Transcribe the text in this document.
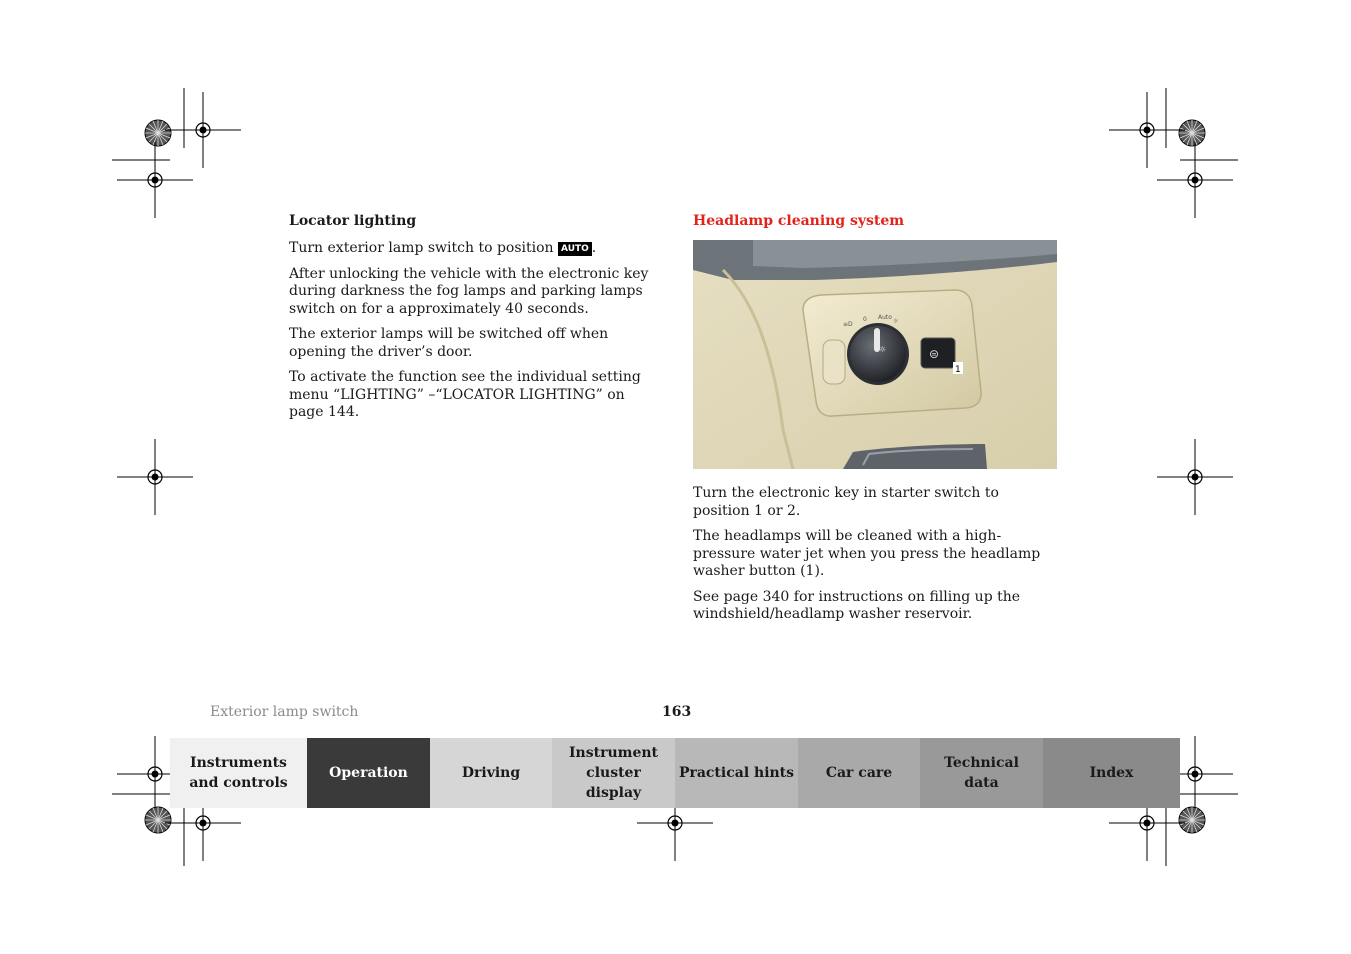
Locator lighting

Turn exterior lamp switch to position AUTO .

After unlocking the vehicle with the electronic key during darkness the fog lamps and parking lamps switch on for a approximately 40 seconds.

The exterior lamps will be switched off when opening the driver’s door.

To activate the function see the individual setting menu “LIGHTING” –“LOCATOR LIGHTING” on page 144.

Headlamp cleaning system
≡D
0 Auto
☼
☼	⊜
1

Turn the electronic key in starter switch to position 1 or 2.

The headlamps will be cleaned with a high-pressure water jet when you press the headlamp washer button (1).

See page 340 for instructions on filling up the windshield/headlamp washer reservoir.

Exterior lamp switch	163
Instruments and controls
Operation	Driving
Instrument cluster display
Practical hints Car care
Technical data
Index
